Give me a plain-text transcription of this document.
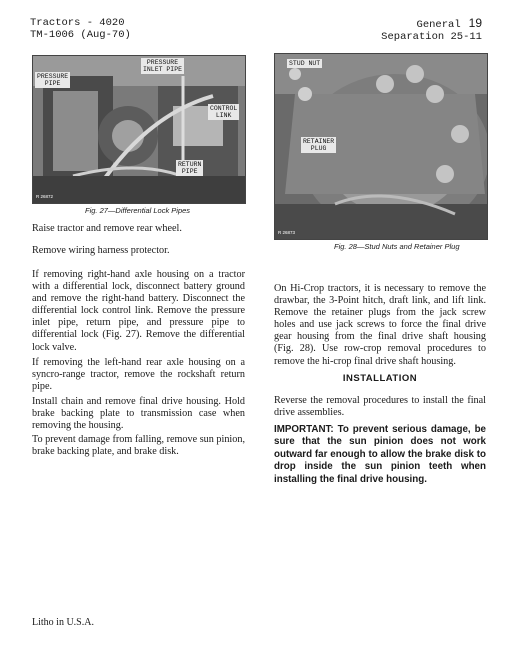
Tractors - 4020
TM-1006 (Aug-70)
General 19
Separation 25-11
PRESSURE
INLET PIPE
PRESSURE
PIPE
CONTROL
LINK
RETURN
PIPE
R 26872
Fig. 27—Differential Lock Pipes
STUD NUT
RETAINER
PLUG
R 26873
Fig. 28—Stud Nuts and Retainer Plug
Raise tractor and remove rear wheel.
Remove wiring harness protector.
If removing right-hand axle housing on a tractor with a differential lock, disconnect battery ground and remove the right-hand battery. Disconnect the differential lock control link. Remove the pressure inlet pipe, return pipe, and pressure pipe to differential lock (Fig. 27). Remove the differential lock valve.
If removing the left-hand rear axle housing on a syncro-range tractor, remove the rockshaft return pipe.
Install chain and remove final drive housing. Hold brake backing plate to transmission case when removing the housing.
To prevent damage from falling, remove sun pinion, brake backing plate, and brake disk.
On Hi-Crop tractors, it is necessary to remove the drawbar, the 3-Point hitch, draft link, and lift link. Remove the retainer plugs from the jack screw holes and use jack screws to force the final drive gear housing from the final drive shaft housing (Fig. 28). Use row-crop removal procedures to remove the hi-crop final drive shaft housing.
INSTALLATION
Reverse the removal procedures to install the final drive assemblies.
IMPORTANT: To prevent serious damage, be sure that the sun pinion does not work outward far enough to allow the brake disk to drop inside the sun pinion teeth when installing the final drive housing.
Litho in U.S.A.
